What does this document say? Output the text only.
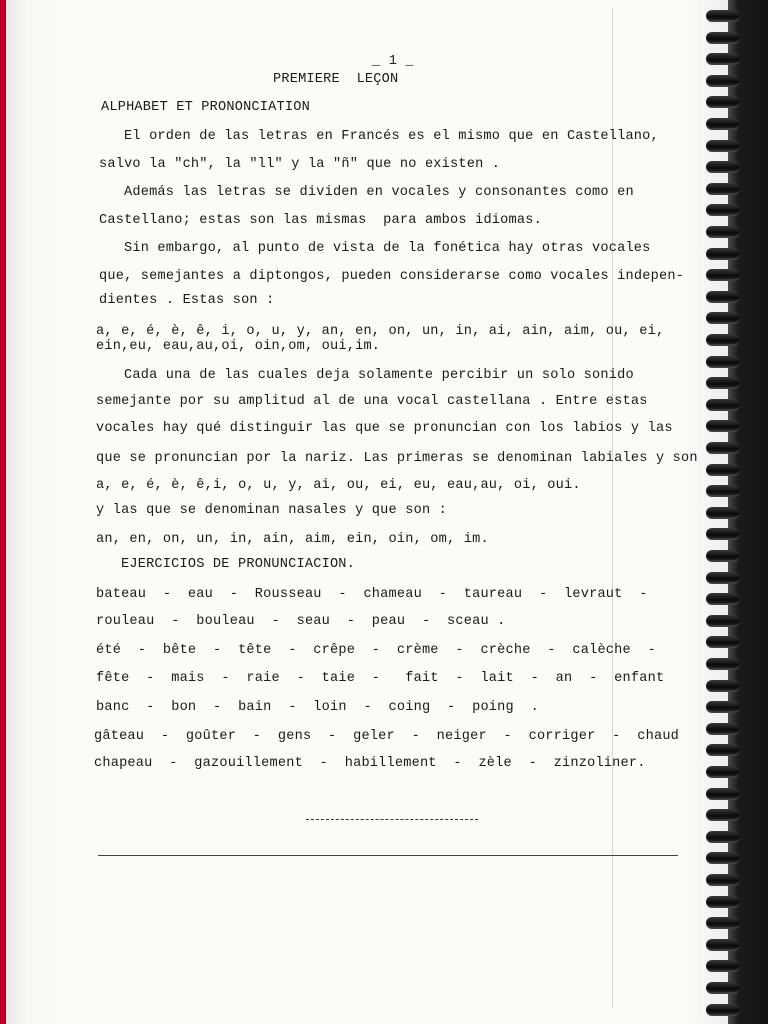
_ 1 _
PREMIERE  LEÇON
ALPHABET ET PRONONCIATION
El orden de las letras en Francés es el mismo que en Castellano,
salvo la "ch", la "ll" y la "ñ" que no existen .
Además las letras se dividen en vocales y consonantes como en
Castellano; estas son las mismas  para ambos idiomas.
Sin embargo, al punto de vista de la fonética hay otras vocales
que, semejantes a diptongos, pueden considerarse como vocales indepen-
dientes . Estas son :
a, e, é, è, ê, i, o, u, y, an, en, on, un, in, ai, ain, aim, ou, ei,
ein,eu, eau,au,oi, oin,om, oui,im.
Cada una de las cuales deja solamente percibir un solo sonido
semejante por su amplitud al de una vocal castellana . Entre estas
vocales hay qué distinguir las que se pronuncian con los labios y las
que se pronuncian por la nariz. Las primeras se denominan labiales y son
a, e, é, è, ê,i, o, u, y, ai, ou, ei, eu, eau,au, oi, oui.
y las que se denominan nasales y que son :
an, en, on, un, in, ain, aim, ein, oin, om, im.
EJERCICIOS DE PRONUNCIACION.
bateau  -  eau  -  Rousseau  -  chameau  -  taureau  -  levraut  -
rouleau  -  bouleau  -  seau  -  peau  -  sceau .
été  -  bête  -  tête  -  crêpe  -  crème  -  crèche  -  calèche  -
fête  -  mais  -  raie  -  taie  -   fait  -  lait  -  an  -  enfant
banc  -  bon  -  bain  -  loin  -  coing  -  poing  .
gâteau  -  goûter  -  gens  -  geler  -  neiger  -  corriger  -  chaud
chapeau  -  gazouillement  -  habillement  -  zèle  -  zinzoliner.
